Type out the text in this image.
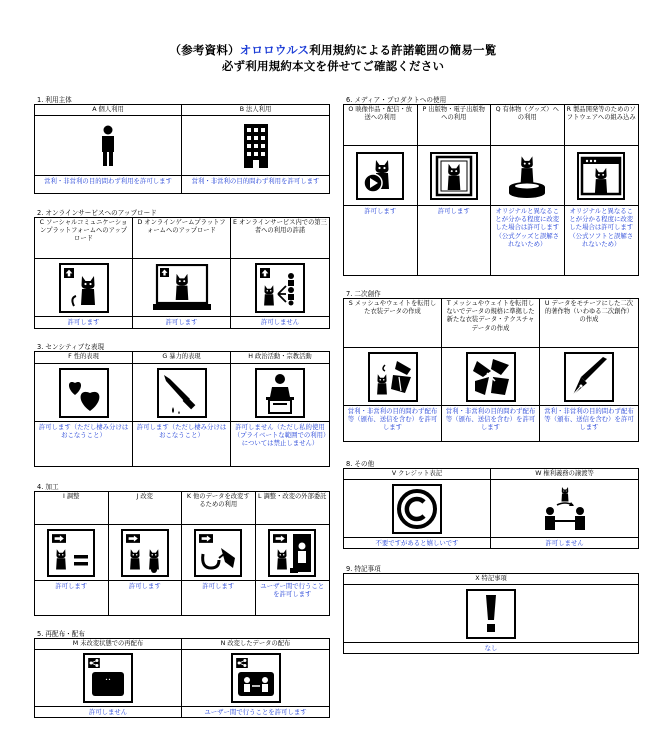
（参考資料）オロロウルス利用規約による許諾範囲の簡易一覧
必ず利用規約本文を併せてご確認ください
1. 利用主体
A 個人利用
営利・非営利の目的問わず利用を許可します
B 法人利用
営利・非営利の目的問わず利用を許可します
2. オンラインサービスへのアップロード
C ソーシャルコミュニケーションプラットフォームへのアップロード
許可します
D オンラインゲームプラットフォームへのアップロード
許可します
E オンラインサービス内での第三者への利用の許諾
許可しません
3. センシティブな表現
F 性的表現
許可します（ただし棲み分けはおこなうこと）
G 暴力的表現
許可します（ただし棲み分けはおこなうこと）
H 政治活動・宗教活動
許可しません（ただし私的使用（プライベートな範囲での利用）については禁止しません）
4. 加工
I 調整
許可します
J 改変
許可します
K 他のデータを改変するための利用
許可します
L 調整・改変の外部委託
ユーザー間で行うことを許可します
5. 再配布・配布
M 未改変状態での再配布
許可しません
N 改変したデータの配布
ユーザー間で行うことを許可します
6. メディア・プロダクトへの使用
O 映像作品・配信・放送への利用
許可します
P 出版物・電子出版物への利用
許可します
Q 有体物（グッズ）への利用
オリジナルと異なることが分かる程度に改変した場合は許可します（公式グッズと誤解されないため）
R 製品開発等のためのソフトウェアへの組み込み
オリジナルと異なることが分かる程度に改変した場合は許可します（公式ソフトと誤解されないため）
7. 二次創作
S メッシュやウェイトを転用した衣装データの作成
営利・非営利の目的問わず配布等（頒布、送信を含む）を許可します
T メッシュやウェイトを転用しないでデータの規格に準拠した新たな衣装データ・テクスチャデータの作成
営利・非営利の目的問わず配布等（頒布、送信を含む）を許可します
U データをモチーフにした二次的著作物（いわゆる二次創作）の作成
営利・非営利の目的問わず配布等（頒布、送信を含む）を許可します
8. その他
V クレジット表記
不要ですがあると嬉しいです
W 権利義務の譲渡等
許可しません
9. 特記事項
X 特記事項
なし
